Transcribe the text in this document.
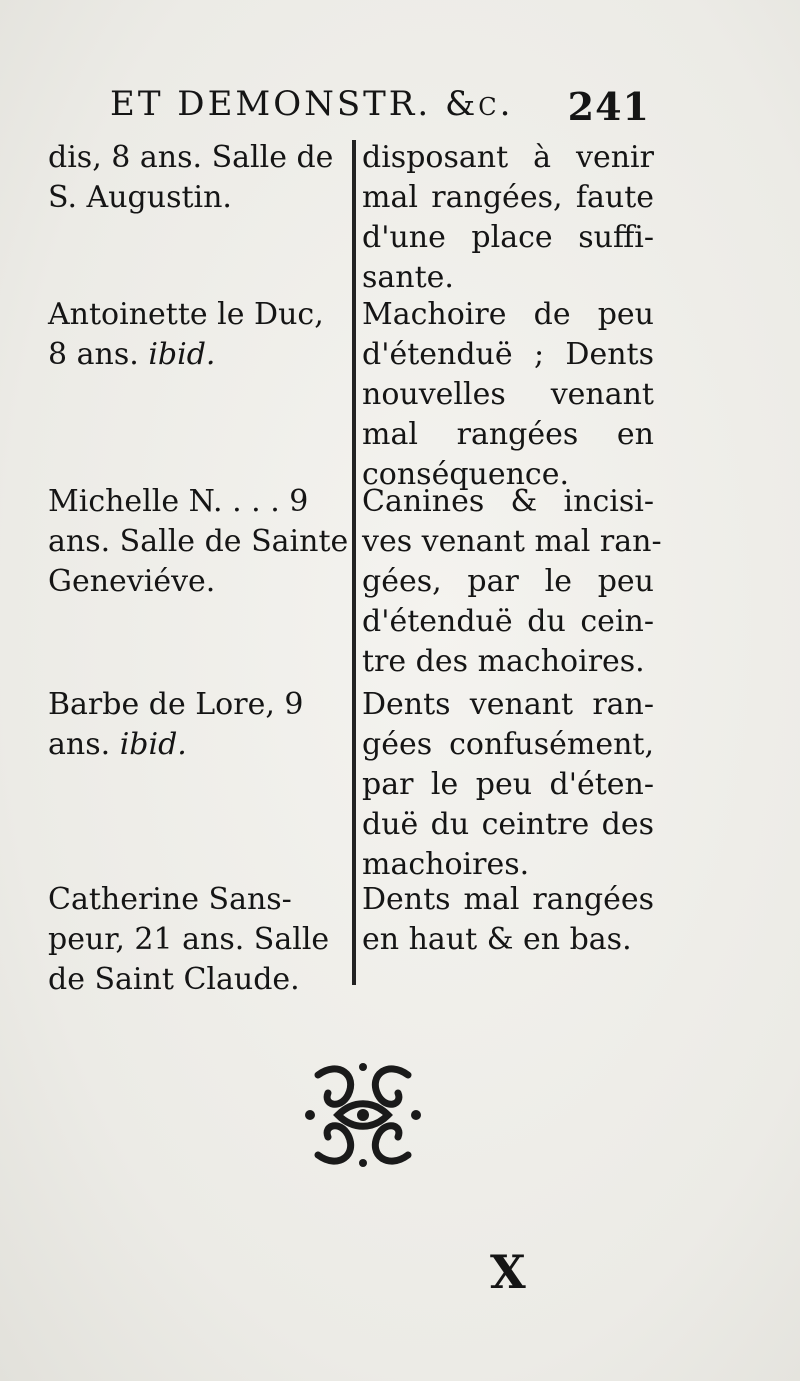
ET DEMONSTR. &c. 241
dis, 8 ans. Salle de
S. Augustin.
Antoinette le Duc,
8 ans. ibid.
Michelle N. . . . 9
ans. Salle de Sainte
Geneviéve.
Barbe de Lore, 9
ans. ibid.
Catherine Sans-
peur, 21 ans. Salle
de Saint Claude.
disposant à venir
mal rangées, faute
d'une place suffi-
sante.
Machoire de peu
d'étenduë ; Dents
nouvelles venant
mal rangées en
conséquence.
Canines & incisi-
ves venant mal ran-
gées, par le peu
d'étenduë du cein-
tre des machoires.
Dents venant ran-
gées confusément,
par le peu d'éten-
duë du ceintre des
machoires.
Dents mal rangées
en haut & en bas.
X
